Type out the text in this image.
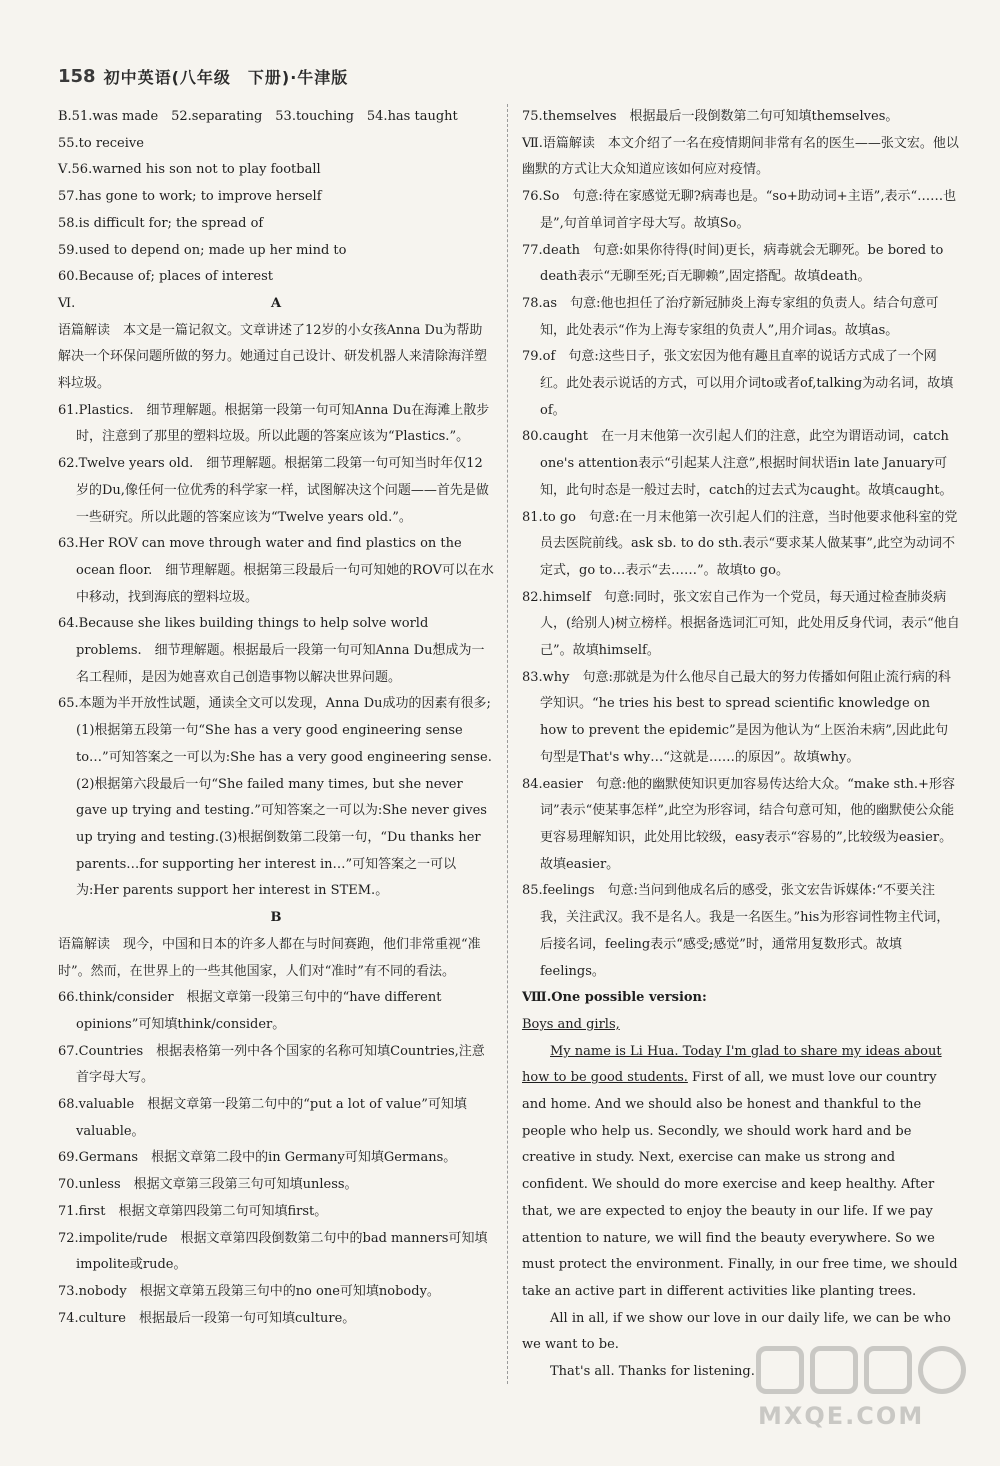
158 初中英语(八年级　下册)·牛津版

B.51.was made　52.separating　53.touching　54.has taught

55.to receive

Ⅴ.56.warned his son not to play football

57.has gone to work; to improve herself

58.is difficult for; the spread of

59.used to depend on; made up her mind to

60.Because of; places of interest

Ⅵ.	A

语篇解读　本文是一篇记叙文。文章讲述了12岁的小女孩Anna Du为帮助解决一个环保问题所做的努力。她通过自己设计、研发机器人来清除海洋塑料垃圾。

61.Plastics.　细节理解题。根据第一段第一句可知Anna Du在海滩上散步时，注意到了那里的塑料垃圾。所以此题的答案应该为“Plastics.”。

62.Twelve years old.　细节理解题。根据第二段第一句可知当时年仅12岁的Du,像任何一位优秀的科学家一样，试图解决这个问题——首先是做一些研究。所以此题的答案应该为“Twelve years old.”。

63.Her ROV can move through water and find plastics on the ocean floor.　细节理解题。根据第三段最后一句可知她的ROV可以在水中移动，找到海底的塑料垃圾。

64.Because she likes building things to help solve world problems.　细节理解题。根据最后一段第一句可知Anna Du想成为一名工程师，是因为她喜欢自己创造事物以解决世界问题。

65.本题为半开放性试题，通读全文可以发现，Anna Du成功的因素有很多;(1)根据第五段第一句“She has a very good engineering sense to…”可知答案之一可以为:She has a very good engineering sense.(2)根据第六段最后一句“She failed many times, but she never gave up trying and testing.”可知答案之一可以为:She never gives up trying and testing.(3)根据倒数第二段第一句，“Du thanks her parents…for supporting her interest in…”可知答案之一可以为:Her parents support her interest in STEM.。

B

语篇解读　现今，中国和日本的许多人都在与时间赛跑，他们非常重视“准时”。然而，在世界上的一些其他国家，人们对“准时”有不同的看法。

66.think/consider　根据文章第一段第三句中的“have different opinions”可知填think/consider。

67.Countries　根据表格第一列中各个国家的名称可知填Countries,注意首字母大写。

68.valuable　根据文章第一段第二句中的“put a lot of value”可知填valuable。

69.Germans　根据文章第二段中的in Germany可知填Germans。

70.unless　根据文章第三段第三句可知填unless。

71.first　根据文章第四段第二句可知填first。

72.impolite/rude　根据文章第四段倒数第二句中的bad manners可知填impolite或rude。

73.nobody　根据文章第五段第三句中的no one可知填nobody。

74.culture　根据最后一段第一句可知填culture。

75.themselves　根据最后一段倒数第二句可知填themselves。

Ⅶ.语篇解读　本文介绍了一名在疫情期间非常有名的医生——张文宏。他以幽默的方式让大众知道应该如何应对疫情。

76.So　句意:待在家感觉无聊?病毒也是。“so+助动词+主语”,表示“……也是”,句首单词首字母大写。故填So。

77.death　句意:如果你待得(时间)更长，病毒就会无聊死。be bored to death表示“无聊至死;百无聊赖”,固定搭配。故填death。

78.as　句意:他也担任了治疗新冠肺炎上海专家组的负责人。结合句意可知，此处表示“作为上海专家组的负责人”,用介词as。故填as。

79.of　句意:这些日子，张文宏因为他有趣且直率的说话方式成了一个网红。此处表示说话的方式，可以用介词to或者of,talking为动名词，故填of。

80.caught　在一月末他第一次引起人们的注意，此空为谓语动词，catch one's attention表示“引起某人注意”,根据时间状语in late January可知，此句时态是一般过去时，catch的过去式为caught。故填caught。

81.to go　句意:在一月末他第一次引起人们的注意，当时他要求他科室的党员去医院前线。ask sb. to do sth.表示“要求某人做某事”,此空为动词不定式，go to…表示“去……”。故填to go。

82.himself　句意:同时，张文宏自己作为一个党员，每天通过检查肺炎病人，(给别人)树立榜样。根据备选词汇可知，此处用反身代词，表示“他自己”。故填himself。

83.why　句意:那就是为什么他尽自己最大的努力传播如何阻止流行病的科学知识。“he tries his best to spread scientific knowledge on how to prevent the epidemic”是因为他认为“上医治未病”,因此此句句型是That's why…“这就是……的原因”。故填why。

84.easier　句意:他的幽默使知识更加容易传达给大众。“make sth.+形容词”表示“使某事怎样”,此空为形容词，结合句意可知，他的幽默使公众能更容易理解知识，此处用比较级，easy表示“容易的”,比较级为easier。故填easier。

85.feelings　句意:当问到他成名后的感受，张文宏告诉媒体:“不要关注我，关注武汉。我不是名人。我是一名医生。”his为形容词性物主代词，后接名词，feeling表示“感受;感觉”时，通常用复数形式。故填feelings。

Ⅷ.One possible version:

Boys and girls,

My name is Li Hua. Today I'm glad to share my ideas about how to be good students. First of all, we must love our country and home. And we should also be honest and thankful to the people who help us. Secondly, we should work hard and be creative in study. Next, exercise can make us strong and confident. We should do more exercise and keep healthy. After that, we are expected to enjoy the beauty in our life. If we pay attention to nature, we will find the beauty everywhere. So we must protect the environment. Finally, in our free time, we should take an active part in different activities like planting trees.

All in all, if we show our love in our daily life, we can be who we want to be.

That's all. Thanks for listening.

MXQE.COM
